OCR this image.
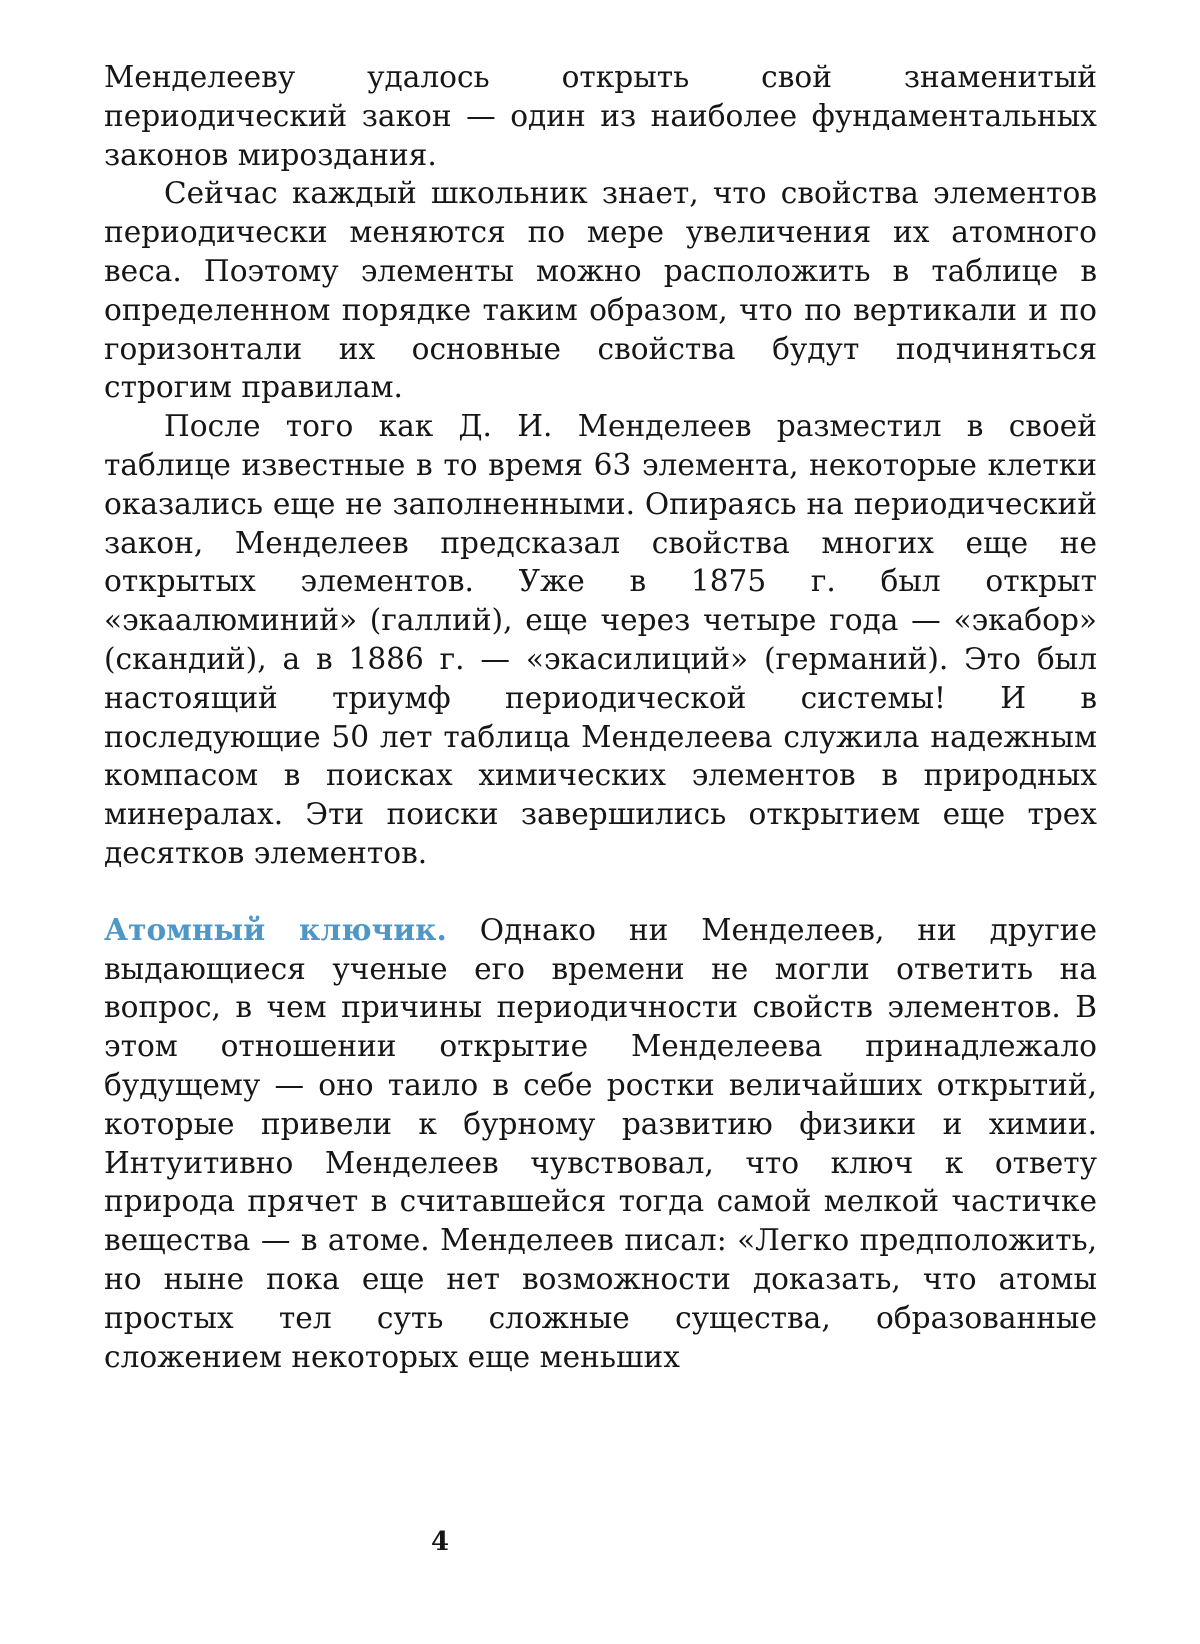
Менделееву удалось открыть свой знаменитый периодический закон — один из наиболее фундаментальных законов мироздания.

Сейчас каждый школьник знает, что свойства элементов периодически меняются по мере увеличения их атомного веса. Поэтому элементы можно расположить в таблице в определенном порядке таким образом, что по вертикали и по горизонтали их основные свойства будут подчиняться строгим правилам.

После того как Д. И. Менделеев разместил в своей таблице известные в то время 63 элемента, некоторые клетки оказались еще не заполненными. Опираясь на периодический закон, Менделеев предсказал свойства многих еще не открытых элементов. Уже в 1875 г. был открыт «экаалюминий» (галлий), еще через четыре года — «экабор» (скандий), а в 1886 г. — «экасилиций» (германий). Это был настоящий триумф периодической системы! И в последующие 50 лет таблица Менделеева служила надежным компасом в поисках химических элементов в природных минералах. Эти поиски завершились открытием еще трех десятков элементов.

Атомный ключик. Однако ни Менделеев, ни другие выдающиеся ученые его времени не могли ответить на вопрос, в чем причины периодичности свойств элементов. В этом отношении открытие Менделеева принадлежало будущему — оно таило в себе ростки величайших открытий, которые привели к бурному развитию физики и химии. Интуитивно Менделеев чувствовал, что ключ к ответу природа прячет в считавшейся тогда самой мелкой частичке вещества — в атоме. Менделеев писал: «Легко предположить, но ныне пока еще нет возможности доказать, что атомы простых тел суть сложные существа, образованные сложением некоторых еще меньших

4
